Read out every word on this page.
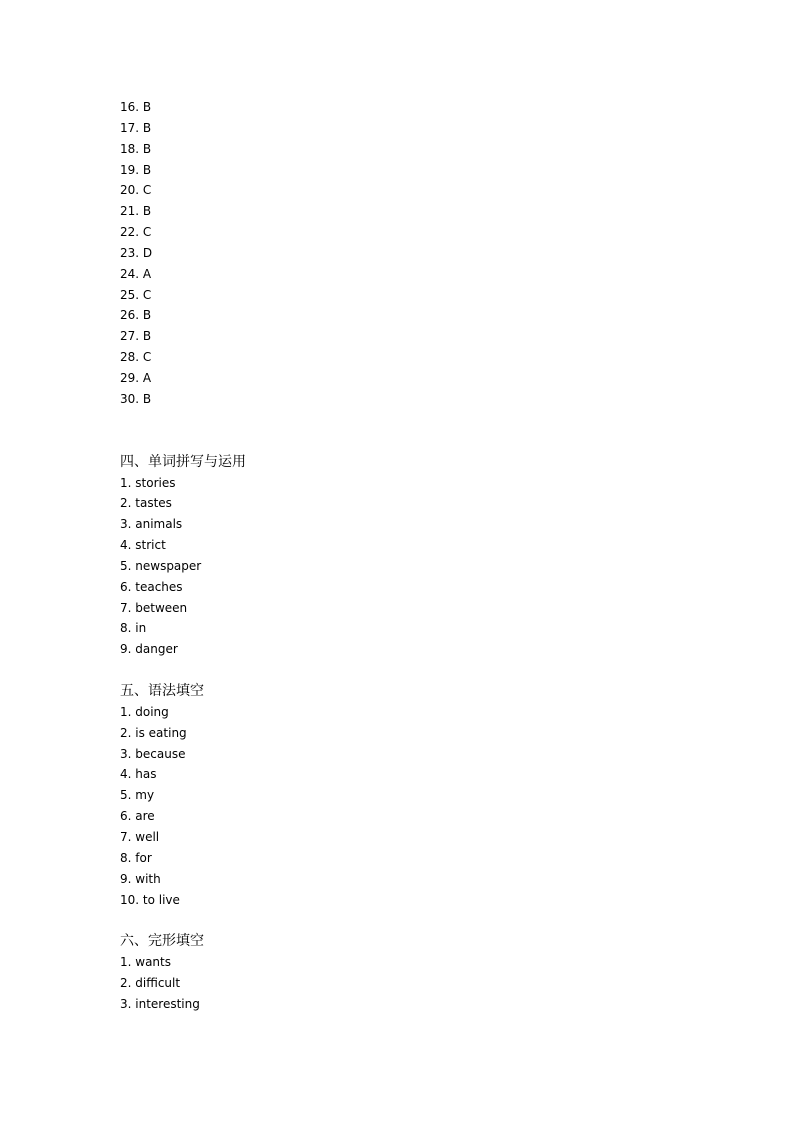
16. B
17. B
18. B
19. B
20. C
21. B
22. C
23. D
24. A
25. C
26. B
27. B
28. C
29. A
30. B
四、单词拼写与运用
1. stories
2. tastes
3. animals
4. strict
5. newspaper
6. teaches
7. between
8. in
9. danger
五、语法填空
1. doing
2. is eating
3. because
4. has
5. my
6. are
7. well
8. for
9. with
10. to live
六、完形填空
1. wants
2. difficult
3. interesting
